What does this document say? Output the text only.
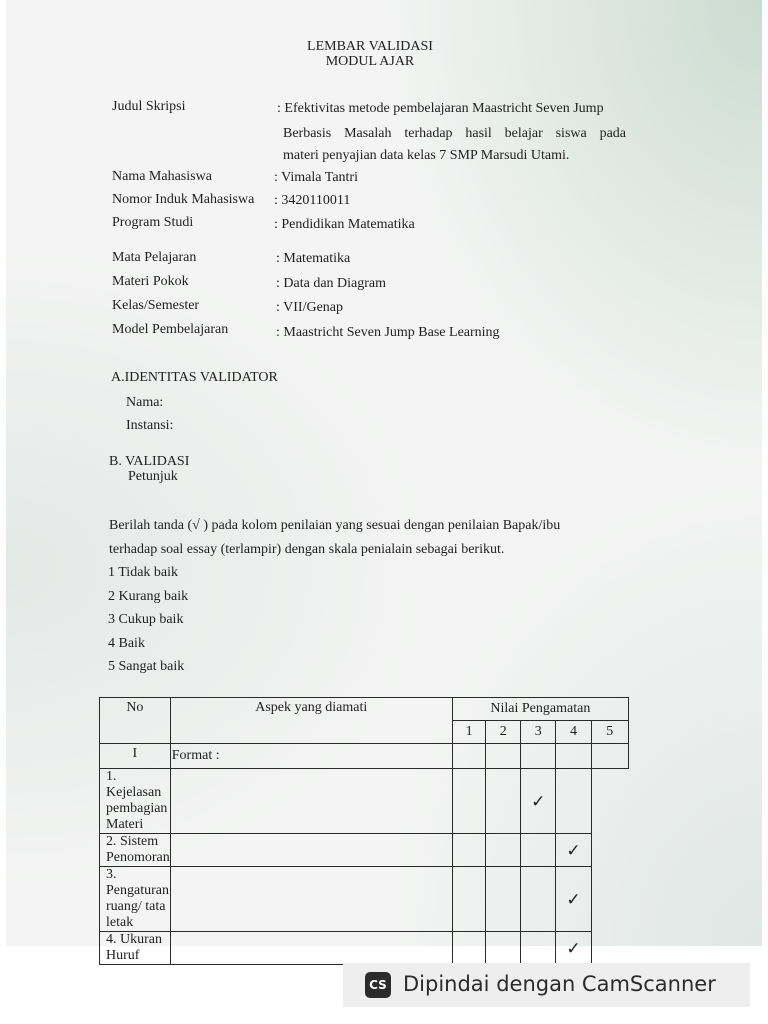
LEMBAR VALIDASI
MODUL AJAR
Judul Skripsi	: Efektivitas metode pembelajaran Maastricht Seven Jump
Berbasis Masalah terhadap hasil belajar siswa pada
materi penyajian data kelas 7 SMP Marsudi Utami.
Nama Mahasiswa	: Vimala Tantri
Nomor Induk Mahasiswa : 3420110011
Program Studi	: Pendidikan Matematika
Mata Pelajaran	: Matematika
Materi Pokok	: Data dan Diagram
Kelas/Semester	: VII/Genap
Model Pembelajaran	: Maastricht Seven Jump Base Learning
A.IDENTITAS VALIDATOR
Nama:
Instansi:
B. VALIDASI
Petunjuk
Berilah tanda (√ ) pada kolom penilaian yang sesuai dengan penilaian Bapak/ibu
terhadap soal essay (terlampir) dengan skala penialain sebagai berikut.
1 Tidak baik
2 Kurang baik
3 Cukup baik
4 Baik
5 Sangat baik
No	Aspek yang diamati	Nilai Pengamatan				
		1	2	3	4	5
I	Format :					
1. Kejelasan pembagian Materi				✓		
2. Sistem Penomoran					✓	
3. Pengaturan ruang/ tata letak					✓	
4. Ukuran Huruf					✓	
CS Dipindai dengan CamScanner
